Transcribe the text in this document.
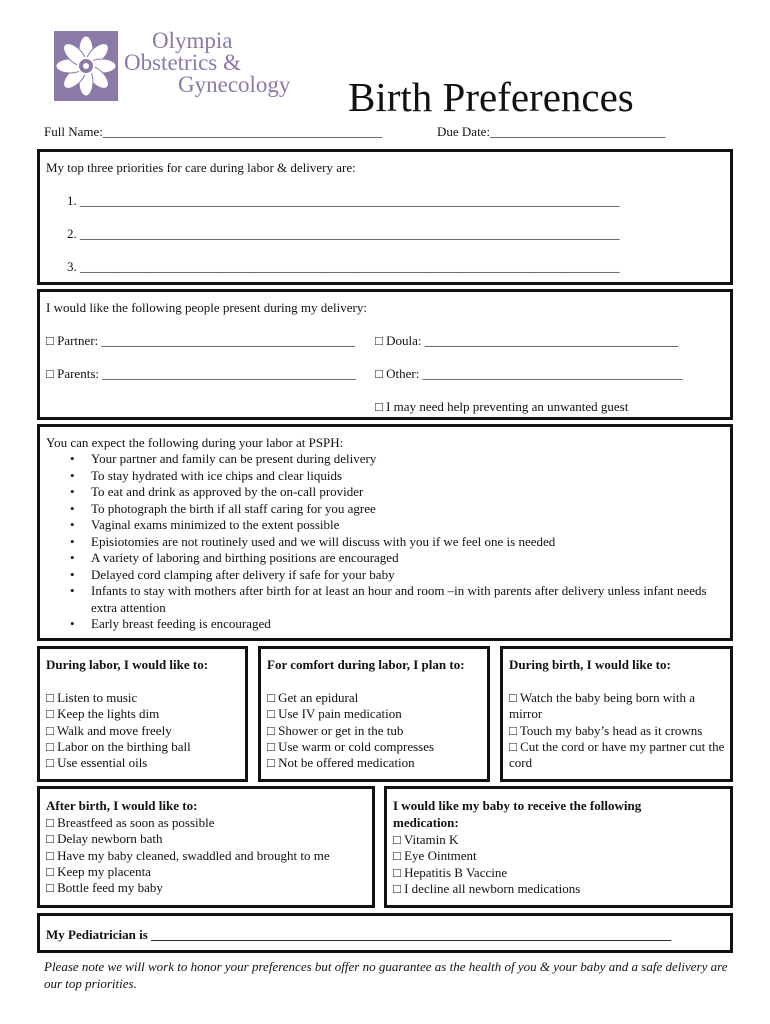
Olympia
Obstetrics &
Gynecology Birth Preferences
Full Name:___________________________________________	Due Date:___________________________
My top three priorities for care during labor & delivery are:
1. ___________________________________________________________________________________
2. ___________________________________________________________________________________
3. ___________________________________________________________________________________
I would like the following people present during my delivery:
□ Partner: _______________________________________ □ Doula: _______________________________________
□ Parents: _______________________________________ □ Other: ________________________________________
□ I may need help preventing an unwanted guest
You can expect the following during your labor at PSPH:
• Your partner and family can be present during delivery
• To stay hydrated with ice chips and clear liquids
• To eat and drink as approved by the on-call provider
• To photograph the birth if all staff caring for you agree
• Vaginal exams minimized to the extent possible
• Episiotomies are not routinely used and we will discuss with you if we feel one is needed
• A variety of laboring and birthing positions are encouraged
• Delayed cord clamping after delivery if safe for your baby
• Infants to stay with mothers after birth for at least an hour and room –in with parents after delivery unless infant needs extra attention
• Early breast feeding is encouraged
During labor, I would like to:
□ Listen to music
□ Keep the lights dim
□ Walk and move freely
□ Labor on the birthing ball
□ Use essential oils
For comfort during labor, I plan to:
□ Get an epidural
□ Use IV pain medication
□ Shower or get in the tub
□ Use warm or cold compresses
□ Not be offered medication
During birth, I would like to:
□ Watch the baby being born with a mirror
□ Touch my baby’s head as it crowns
□ Cut the cord or have my partner cut the cord
After birth, I would like to:
□ Breastfeed as soon as possible
□ Delay newborn bath
□ Have my baby cleaned, swaddled and brought to me
□ Keep my placenta
□ Bottle feed my baby
I would like my baby to receive the following
medication:
□ Vitamin K
□ Eye Ointment
□ Hepatitis B Vaccine
□ I decline all newborn medications
My Pediatrician is ________________________________________________________________________________
Please note we will work to honor your preferences but offer no guarantee as the health of you & your baby and a safe delivery are our top priorities.
